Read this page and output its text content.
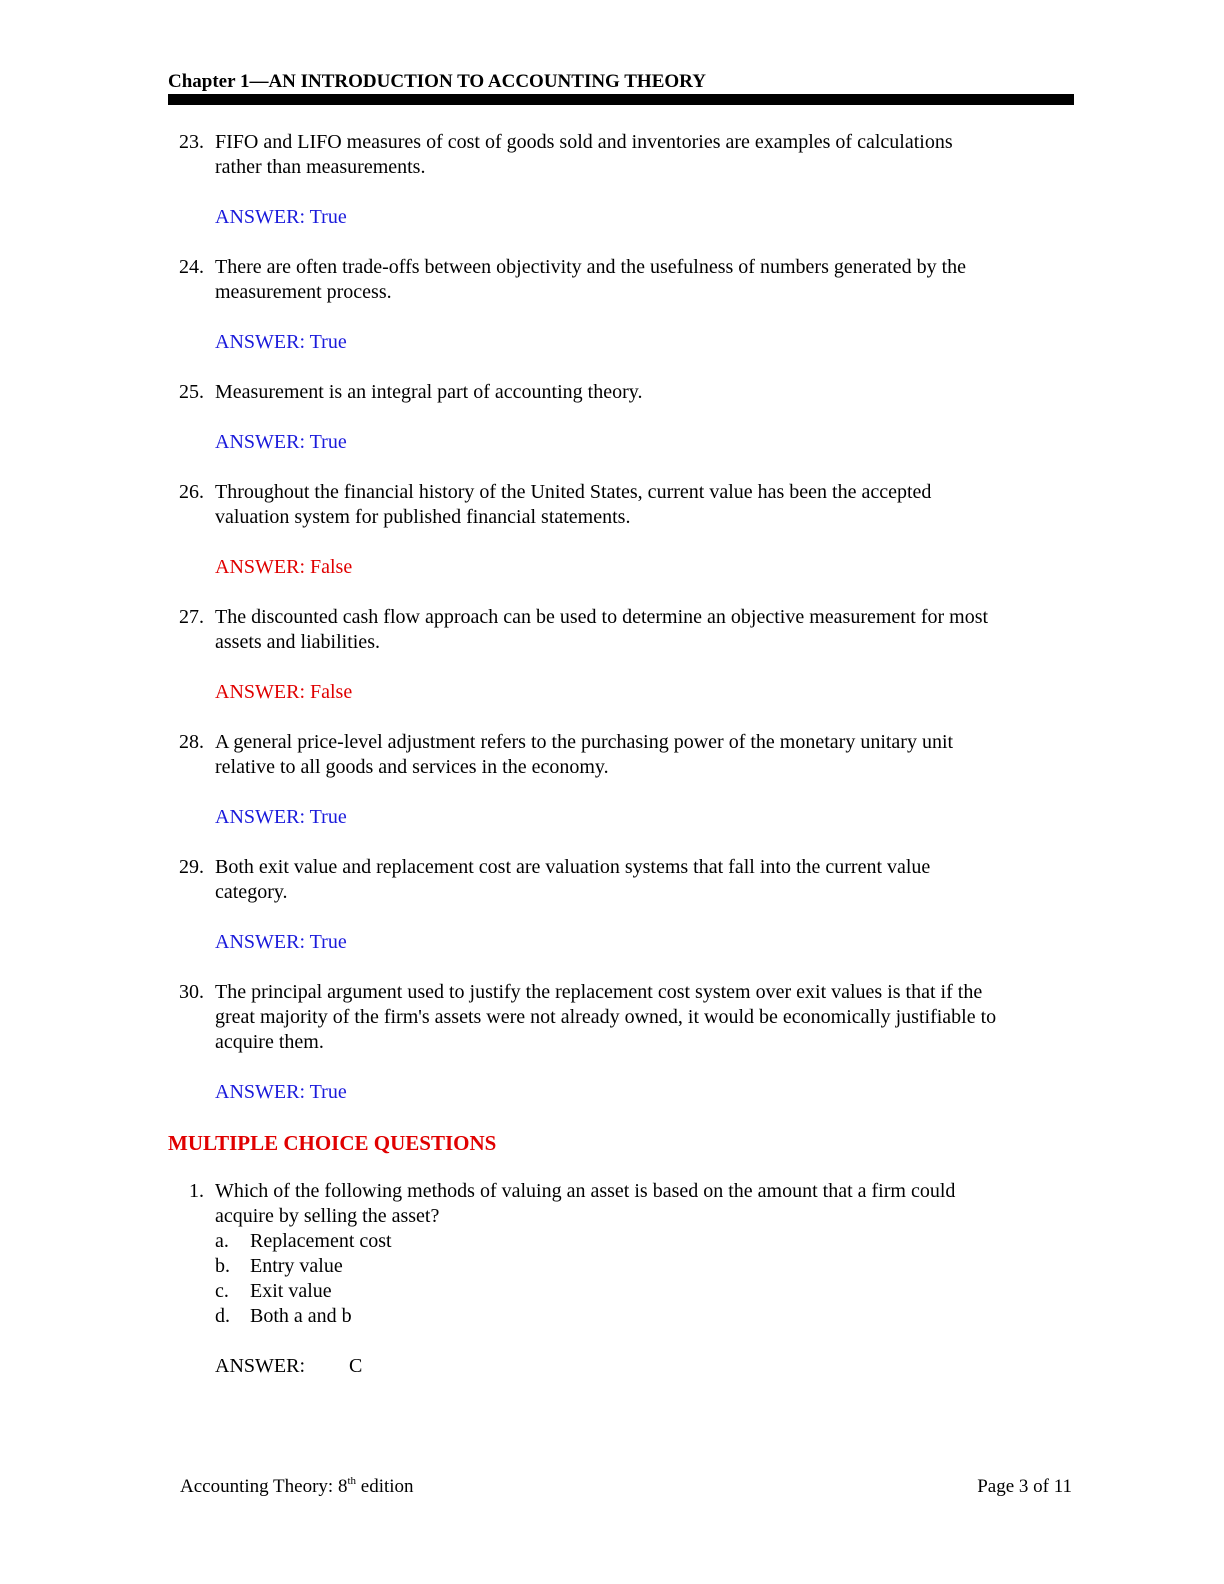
Chapter 1—AN INTRODUCTION TO ACCOUNTING THEORY
23. FIFO and LIFO measures of cost of goods sold and inventories are examples of calculations
rather than measurements.
ANSWER: True
24. There are often trade-offs between objectivity and the usefulness of numbers generated by the
measurement process.
ANSWER: True
25. Measurement is an integral part of accounting theory.
ANSWER: True
26. Throughout the financial history of the United States, current value has been the accepted
valuation system for published financial statements.
ANSWER: False
27. The discounted cash flow approach can be used to determine an objective measurement for most
assets and liabilities.
ANSWER: False
28. A general price-level adjustment refers to the purchasing power of the monetary unitary unit
relative to all goods and services in the economy.
ANSWER: True
29. Both exit value and replacement cost are valuation systems that fall into the current value
category.
ANSWER: True
30. The principal argument used to justify the replacement cost system over exit values is that if the
great majority of the firm's assets were not already owned, it would be economically justifiable to
acquire them.
ANSWER: True
MULTIPLE CHOICE QUESTIONS
1. Which of the following methods of valuing an asset is based on the amount that a firm could
acquire by selling the asset?
a. Replacement cost
b. Entry value
c. Exit value
d. Both a and b
ANSWER: C
Accounting Theory: 8th edition	Page 3 of 11
